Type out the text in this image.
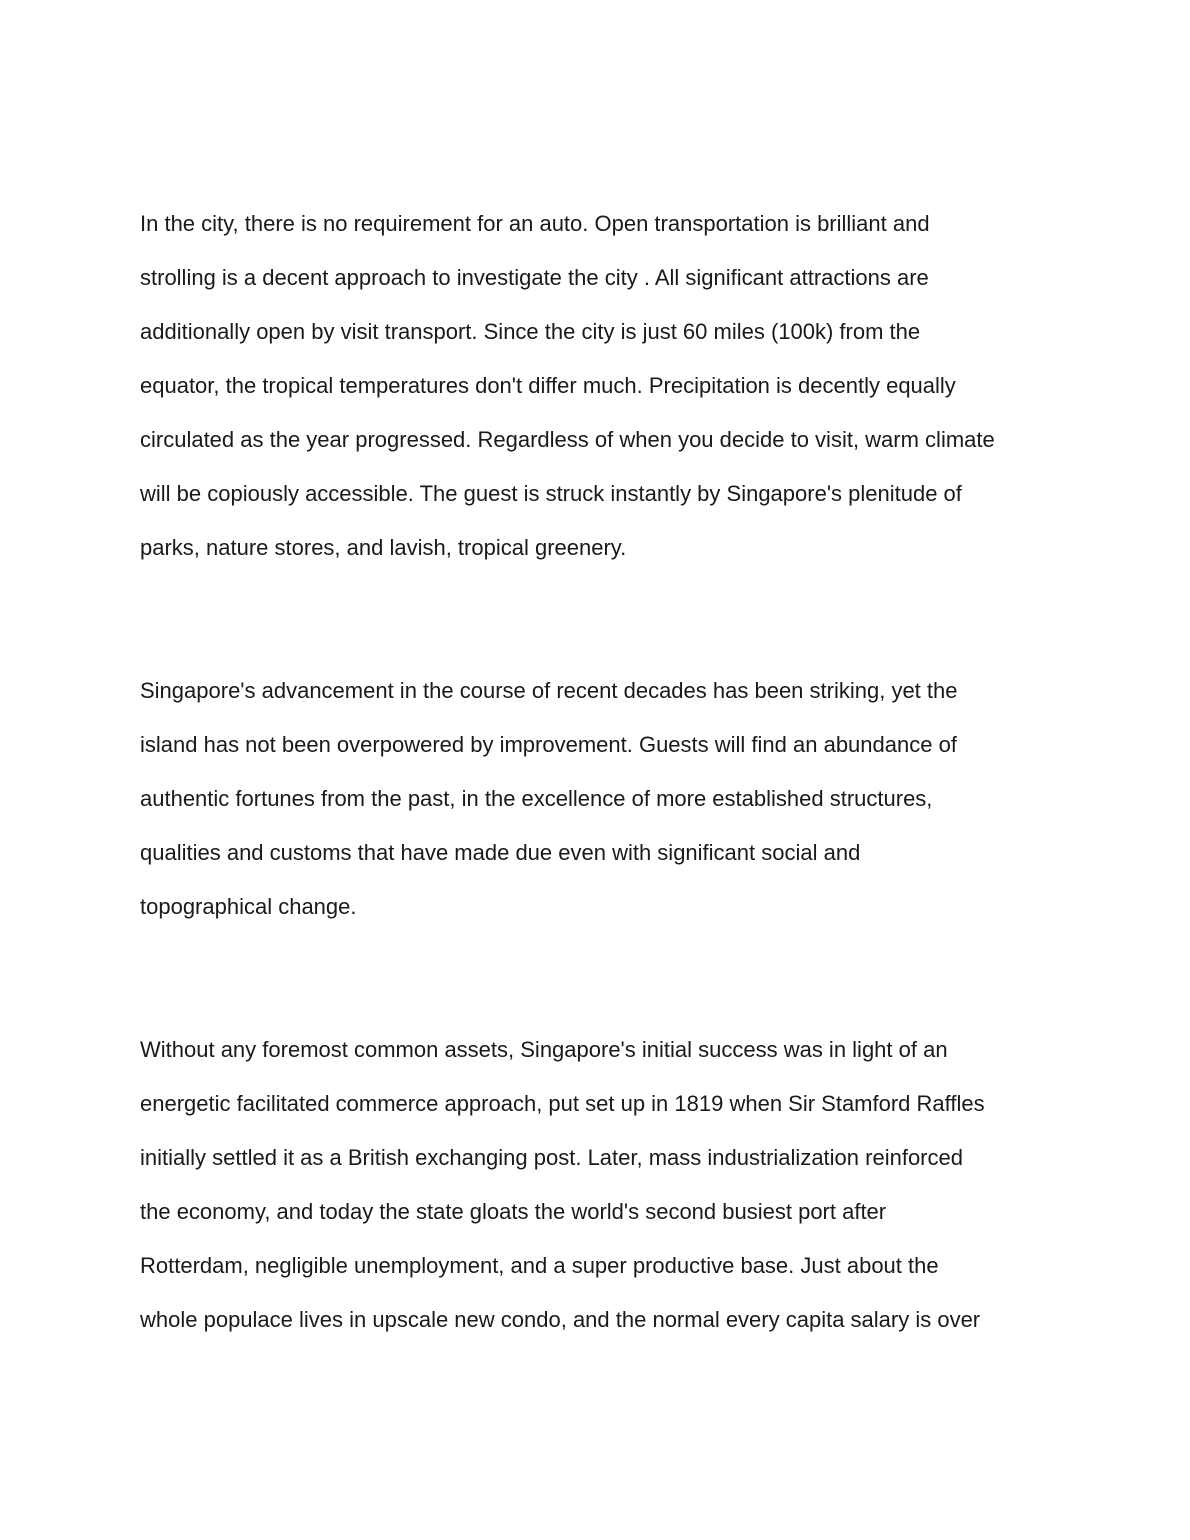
In the city, there is no requirement for an auto. Open transportation is brilliant and
strolling is a decent approach to investigate the city . All significant attractions are
additionally open by visit transport. Since the city is just 60 miles (100k) from the
equator, the tropical temperatures don't differ much. Precipitation is decently equally
circulated as the year progressed. Regardless of when you decide to visit, warm climate
will be copiously accessible. The guest is struck instantly by Singapore's plenitude of
parks, nature stores, and lavish, tropical greenery.
Singapore's advancement in the course of recent decades has been striking, yet the
island has not been overpowered by improvement. Guests will find an abundance of
authentic fortunes from the past, in the excellence of more established structures,
qualities and customs that have made due even with significant social and
topographical change.
Without any foremost common assets, Singapore's initial success was in light of an
energetic facilitated commerce approach, put set up in 1819 when Sir Stamford Raffles
initially settled it as a British exchanging post. Later, mass industrialization reinforced
the economy, and today the state gloats the world's second busiest port after
Rotterdam, negligible unemployment, and a super productive base. Just about the
whole populace lives in upscale new condo, and the normal every capita salary is over
